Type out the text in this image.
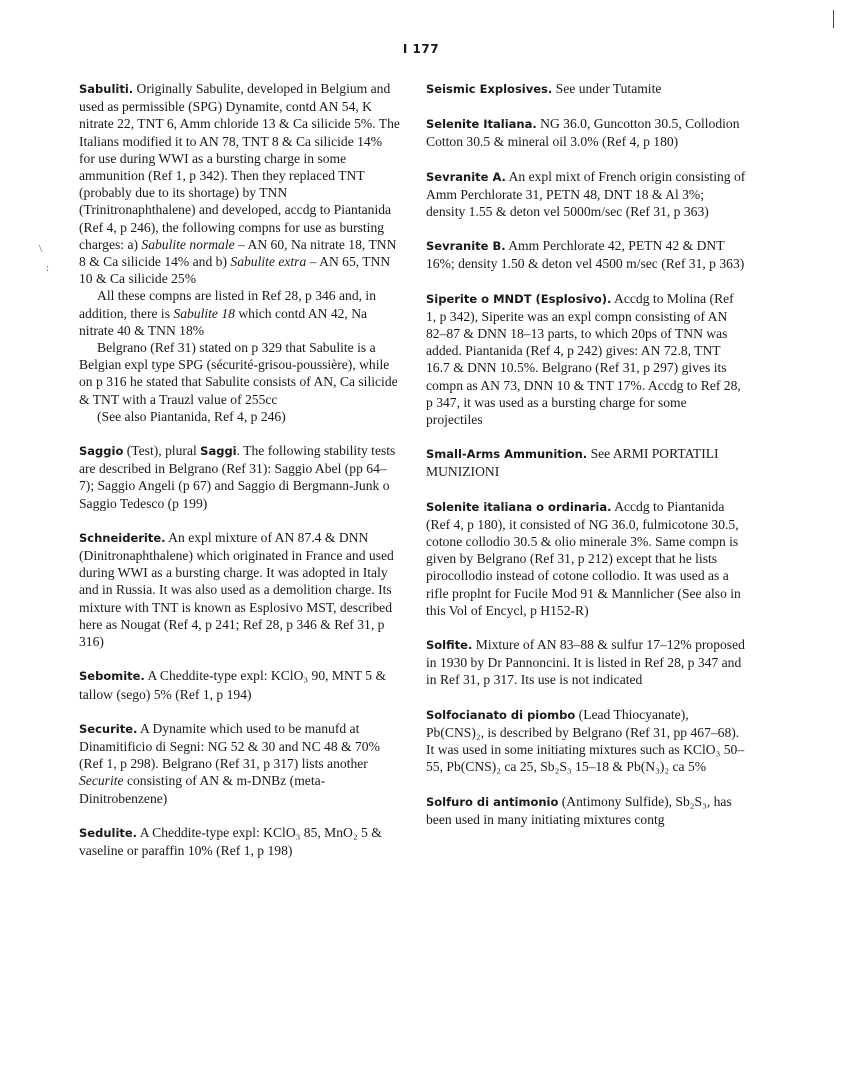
\
:
I 177

Sabuliti. Originally Sabulite, developed in Belgium and used as permissible (SPG) Dynamite, contd AN 54, K nitrate 22, TNT 6, Amm chloride 13 & Ca silicide 5%. The Italians modified it to AN 78, TNT 8 & Ca silicide 14% for use during WWI as a bursting charge in some ammunition (Ref 1, p 342). Then they replaced TNT (probably due to its shortage) by TNN (Trinitronaphthalene) and developed, accdg to Piantanida (Ref 4, p 246), the following compns for use as bursting charges: a) Sabulite normale – AN 60, Na nitrate 18, TNN 8 & Ca silicide 14% and b) Sabulite extra – AN 65, TNN 10 & Ca silicide 25%

All these compns are listed in Ref 28, p 346 and, in addition, there is Sabulite 18 which contd AN 42, Na nitrate 40 & TNN 18%

Belgrano (Ref 31) stated on p 329 that Sabulite is a Belgian expl type SPG (sécurité-grisou-poussière), while on p 316 he stated that Sabulite consists of AN, Ca silicide & TNT with a Trauzl value of 255cc

(See also Piantanida, Ref 4, p 246)

Saggio (Test), plural Saggi. The following stability tests are described in Belgrano (Ref 31): Saggio Abel (pp 64–7); Saggio Angeli (p 67) and Saggio di Bergmann-Junk o Saggio Tedesco (p 199)

Schneiderite. An expl mixture of AN 87.4 & DNN (Dinitronaphthalene) which originated in France and used during WWI as a bursting charge. It was adopted in Italy and in Russia. It was also used as a demolition charge. Its mixture with TNT is known as Esplosivo MST, described here as Nougat (Ref 4, p 241; Ref 28, p 346 & Ref 31, p 316)

Sebomite. A Cheddite-type expl: KClO₃ 90, MNT 5 & tallow (sego) 5% (Ref 1, p 194)

Securite. A Dynamite which used to be manufd at Dinamitificio di Segni: NG 52 & 30 and NC 48 & 70% (Ref 1, p 298). Belgrano (Ref 31, p 317) lists another Securite consisting of AN & m-DNBz (meta-Dinitrobenzene)

Sedulite. A Cheddite-type expl: KClO₃ 85, MnO₂ 5 & vaseline or paraffin 10% (Ref 1, p 198)

Seismic Explosives. See under Tutamite

Selenite Italiana. NG 36.0, Guncotton 30.5, Collodion Cotton 30.5 & mineral oil 3.0% (Ref 4, p 180)

Sevranite A. An expl mixt of French origin consisting of Amm Perchlorate 31, PETN 48, DNT 18 & Al 3%; density 1.55 & deton vel 5000m/sec (Ref 31, p 363)

Sevranite B. Amm Perchlorate 42, PETN 42 & DNT 16%; density 1.50 & deton vel 4500 m/sec (Ref 31, p 363)

Siperite o MNDT (Esplosivo). Accdg to Molina (Ref 1, p 342), Siperite was an expl compn consisting of AN 82–87 & DNN 18–13 parts, to which 20ps of TNN was added. Piantanida (Ref 4, p 242) gives: AN 72.8, TNT 16.7 & DNN 10.5%. Belgrano (Ref 31, p 297) gives its compn as AN 73, DNN 10 & TNT 17%. Accdg to Ref 28, p 347, it was used as a bursting charge for some projectiles

Small-Arms Ammunition. See ARMI PORTATILI MUNIZIONI

Solenite italiana o ordinaria. Accdg to Piantanida (Ref 4, p 180), it consisted of NG 36.0, fulmicotone 30.5, cotone collodio 30.5 & olio minerale 3%. Same compn is given by Belgrano (Ref 31, p 212) except that he lists pirocollodio instead of cotone collodio. It was used as a rifle proplnt for Fucile Mod 91 & Mannlicher (See also in this Vol of Encycl, p H152-R)

Solfite. Mixture of AN 83–88 & sulfur 17–12% proposed in 1930 by Dr Pannoncini. It is listed in Ref 28, p 347 and in Ref 31, p 317. Its use is not indicated

Solfocianato di piombo (Lead Thiocyanate), Pb(CNS)₂, is described by Belgrano (Ref 31, pp 467–68). It was used in some initiating mixtures such as KClO₃ 50–55, Pb(CNS)₂ ca 25, Sb₂S₃ 15–18 & Pb(N₃)₂ ca 5%

Solfuro di antimonio (Antimony Sulfide), Sb₂S₃, has been used in many initiating mixtures contg
